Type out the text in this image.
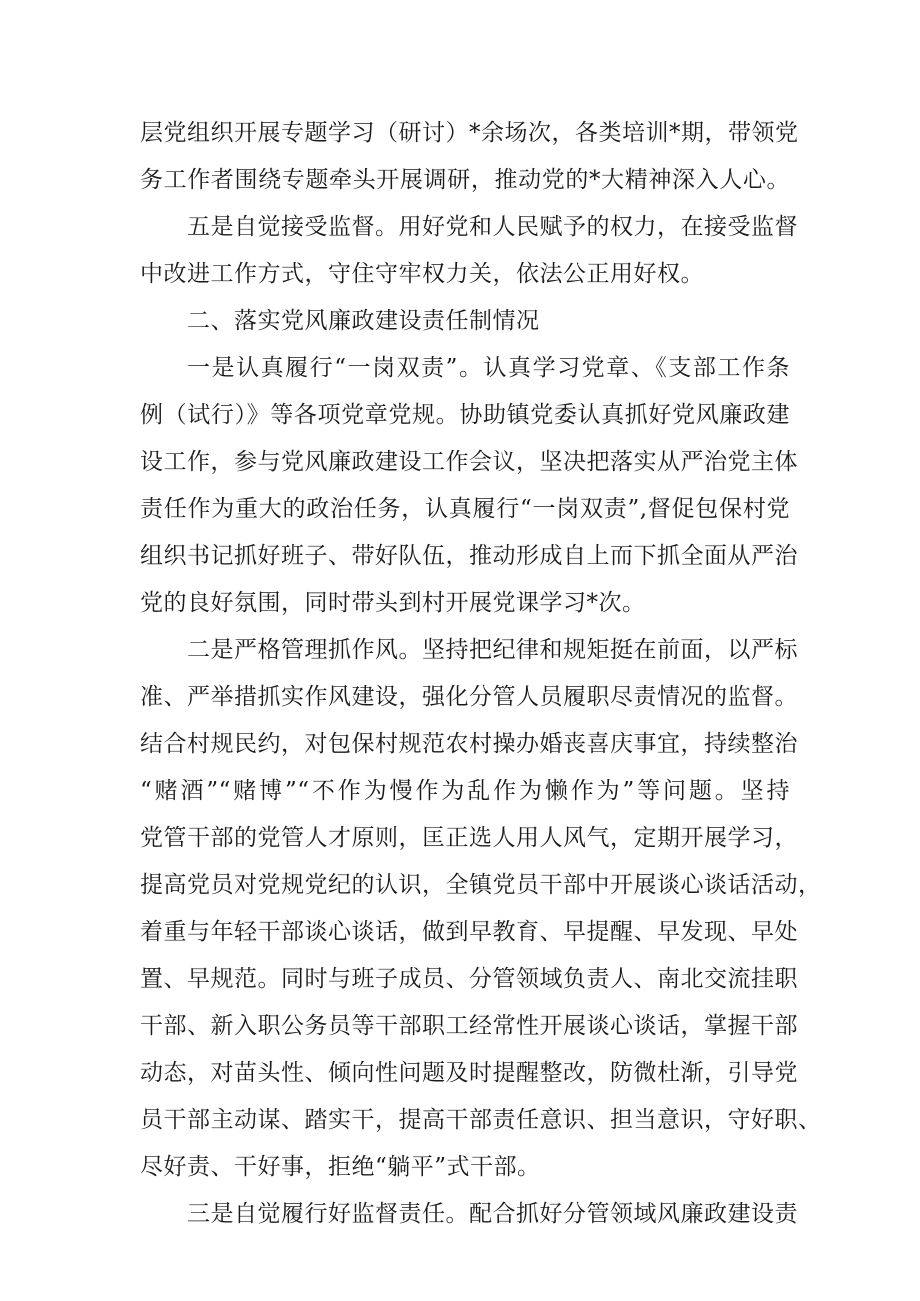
层党组织开展专题学习（研讨）*余场次，各类培训*期，带领党
务工作者围绕专题牵头开展调研，推动党的*大精神深入人心。
五是自觉接受监督。用好党和人民赋予的权力，在接受监督
中改进工作方式，守住守牢权力关，依法公正用好权。
二、落实党风廉政建设责任制情况
一是认真履行“一岗双责”。认真学习党章、《支部工作条
例（试行）》等各项党章党规。协助镇党委认真抓好党风廉政建
设工作，参与党风廉政建设工作会议，坚决把落实从严治党主体
责任作为重大的政治任务，认真履行“一岗双责”,督促包保村党
组织书记抓好班子、带好队伍，推动形成自上而下抓全面从严治
党的良好氛围，同时带头到村开展党课学习*次。
二是严格管理抓作风。坚持把纪律和规矩挺在前面，以严标
准、严举措抓实作风建设，强化分管人员履职尽责情况的监督。
结合村规民约，对包保村规范农村操办婚丧喜庆事宜，持续整治
“赌酒”“赌博”“不作为慢作为乱作为懒作为”等问题。坚持
党管干部的党管人才原则，匡正选人用人风气，定期开展学习，
提高党员对党规党纪的认识，全镇党员干部中开展谈心谈话活动，
着重与年轻干部谈心谈话，做到早教育、早提醒、早发现、早处
置、早规范。同时与班子成员、分管领域负责人、南北交流挂职
干部、新入职公务员等干部职工经常性开展谈心谈话，掌握干部
动态，对苗头性、倾向性问题及时提醒整改，防微杜渐，引导党
员干部主动谋、踏实干，提高干部责任意识、担当意识，守好职、
尽好责、干好事，拒绝“躺平”式干部。
三是自觉履行好监督责任。配合抓好分管领域风廉政建设责
